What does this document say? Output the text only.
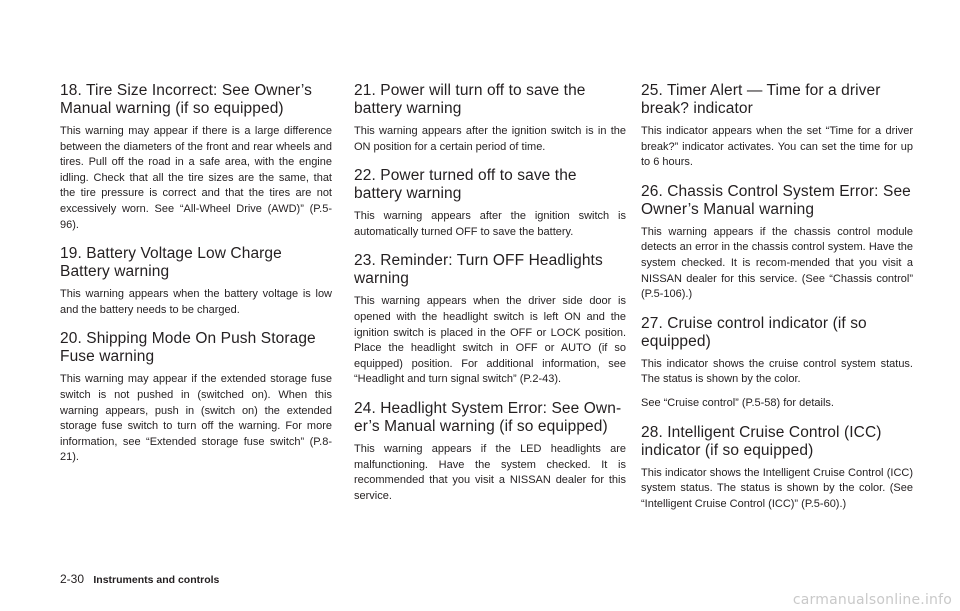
18. Tire Size Incorrect: See Owner’s Manual warning (if so equipped)

This warning may appear if there is a large difference between the diameters of the front and rear wheels and tires. Pull off the road in a safe area, with the engine idling. Check that all the tire sizes are the same, that the tire pressure is correct and that the tires are not excessively worn. See “All-Wheel Drive (AWD)” (P.5-96).

19. Battery Voltage Low Charge Battery warning

This warning appears when the battery voltage is low and the battery needs to be charged.

20. Shipping Mode On Push Storage Fuse warning

This warning may appear if the extended storage fuse switch is not pushed in (switched on). When this warning appears, push in (switch on) the extended storage fuse switch to turn off the warning. For more information, see “Extended storage fuse switch” (P.8-21).

21. Power will turn off to save the battery warning

This warning appears after the ignition switch is in the ON position for a certain period of time.

22. Power turned off to save the battery warning

This warning appears after the ignition switch is automatically turned OFF to save the battery.

23. Reminder: Turn OFF Headlights warning

This warning appears when the driver side door is opened with the headlight switch is left ON and the ignition switch is placed in the OFF or LOCK position. Place the headlight switch in OFF or AUTO (if so equipped) position. For additional information, see “Headlight and turn signal switch” (P.2-43).

24. Headlight System Error: See Own-er’s Manual warning (if so equipped)

This warning appears if the LED headlights are malfunctioning. Have the system checked. It is recommended that you visit a NISSAN dealer for this service.

25. Timer Alert — Time for a driver break? indicator

This indicator appears when the set “Time for a driver break?” indicator activates. You can set the time for up to 6 hours.

26. Chassis Control System Error: See Owner’s Manual warning

This warning appears if the chassis control module detects an error in the chassis control system. Have the system checked. It is recom-mended that you visit a NISSAN dealer for this service. (See “Chassis control” (P.5-106).)

27. Cruise control indicator (if so equipped)

This indicator shows the cruise control system status. The status is shown by the color.

See “Cruise control” (P.5-58) for details.

28. Intelligent Cruise Control (ICC) indicator (if so equipped)

This indicator shows the Intelligent Cruise Control (ICC) system status. The status is shown by the color. (See “Intelligent Cruise Control (ICC)” (P.5-60).)

2-30 Instruments and controls
carmanualsonline.info
